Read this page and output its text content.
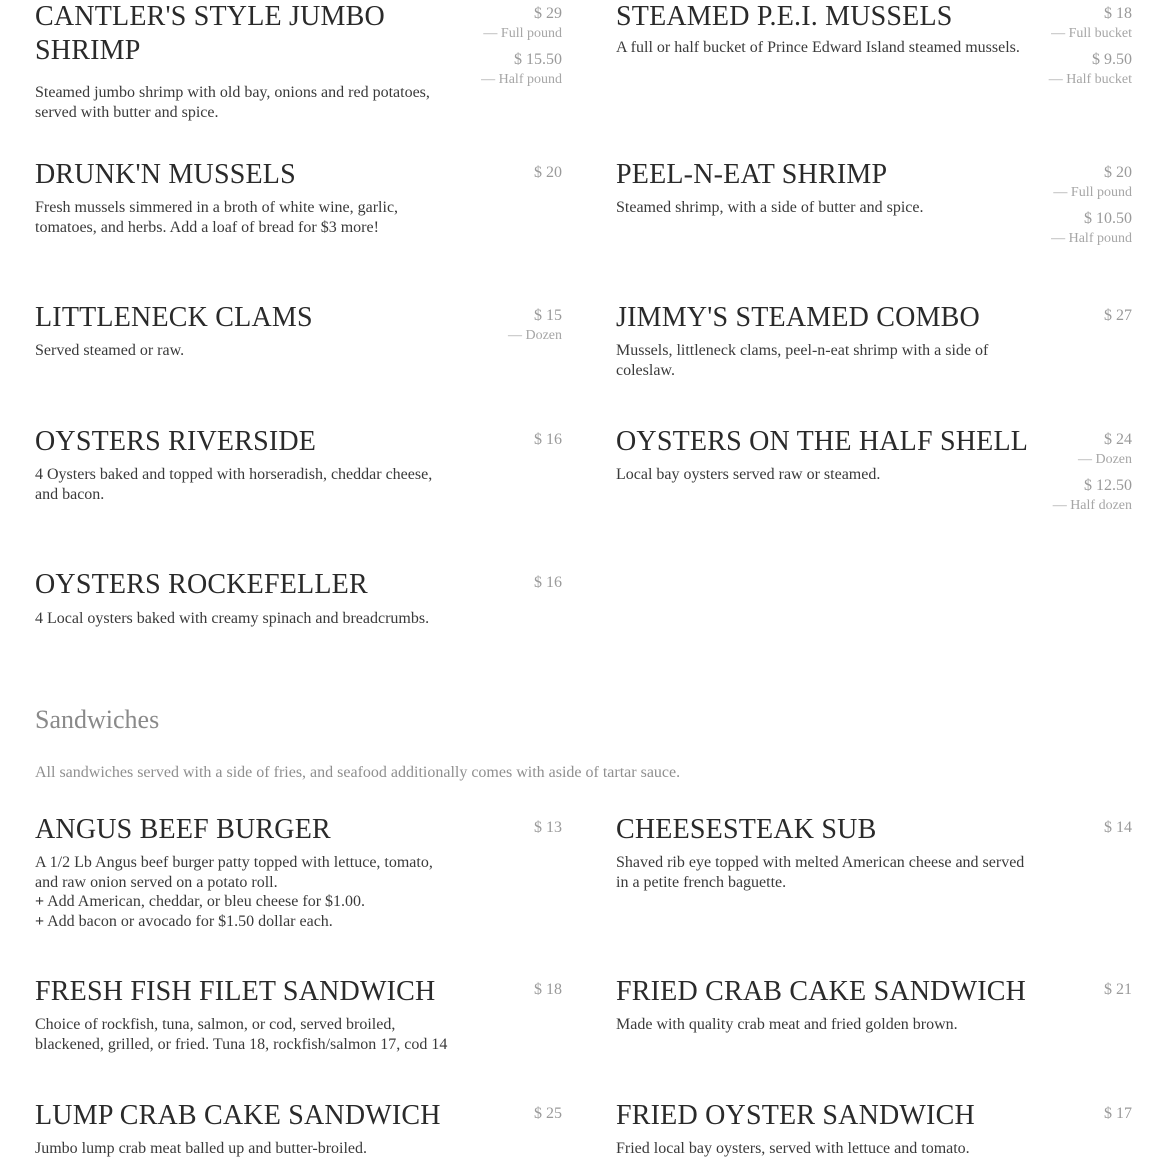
CANTLER'S STYLE JUMBO SHRIMP
Steamed jumbo shrimp with old bay, onions and red potatoes, served with butter and spice.
$ 29
— Full pound
$ 15.50
— Half pound
STEAMED P.E.I. MUSSELS
A full or half bucket of Prince Edward Island steamed mussels.
$ 18
— Full bucket
$ 9.50
— Half bucket
DRUNK'N MUSSELS
Fresh mussels simmered in a broth of white wine, garlic, tomatoes, and herbs. Add a loaf of bread for $3 more!
$ 20 PEEL-N-EAT SHRIMP
Steamed shrimp, with a side of butter and spice.
$ 20
— Full pound
$ 10.50
— Half pound
LITTLENECK CLAMS
Served steamed or raw.
$ 15
— Dozen
JIMMY'S STEAMED COMBO
Mussels, littleneck clams, peel-n-eat shrimp with a side of coleslaw.
$ 27
OYSTERS RIVERSIDE
4 Oysters baked and topped with horseradish, cheddar cheese, and bacon.
$ 16 OYSTERS ON THE HALF SHELL
Local bay oysters served raw or steamed.
$ 24
— Dozen
$ 12.50
— Half dozen
OYSTERS ROCKEFELLER
4 Local oysters baked with creamy spinach and breadcrumbs.
$ 16
Sandwiches
All sandwiches served with a side of fries, and seafood additionally comes with aside of tartar sauce.
ANGUS BEEF BURGER
A 1/2 Lb Angus beef burger patty topped with lettuce, tomato, and raw onion served on a potato roll.
+ Add American, cheddar, or bleu cheese for $1.00.
+ Add bacon or avocado for $1.50 dollar each.
$ 13 CHEESESTEAK SUB
Shaved rib eye topped with melted American cheese and served in a petite french baguette.
$ 14
FRESH FISH FILET SANDWICH
Choice of rockfish, tuna, salmon, or cod, served broiled, blackened, grilled, or fried. Tuna 18, rockfish/salmon 17, cod 14
$ 18 FRIED CRAB CAKE SANDWICH
Made with quality crab meat and fried golden brown.
$ 21
LUMP CRAB CAKE SANDWICH
Jumbo lump crab meat balled up and butter-broiled.
$ 25 FRIED OYSTER SANDWICH
Fried local bay oysters, served with lettuce and tomato.
$ 17
